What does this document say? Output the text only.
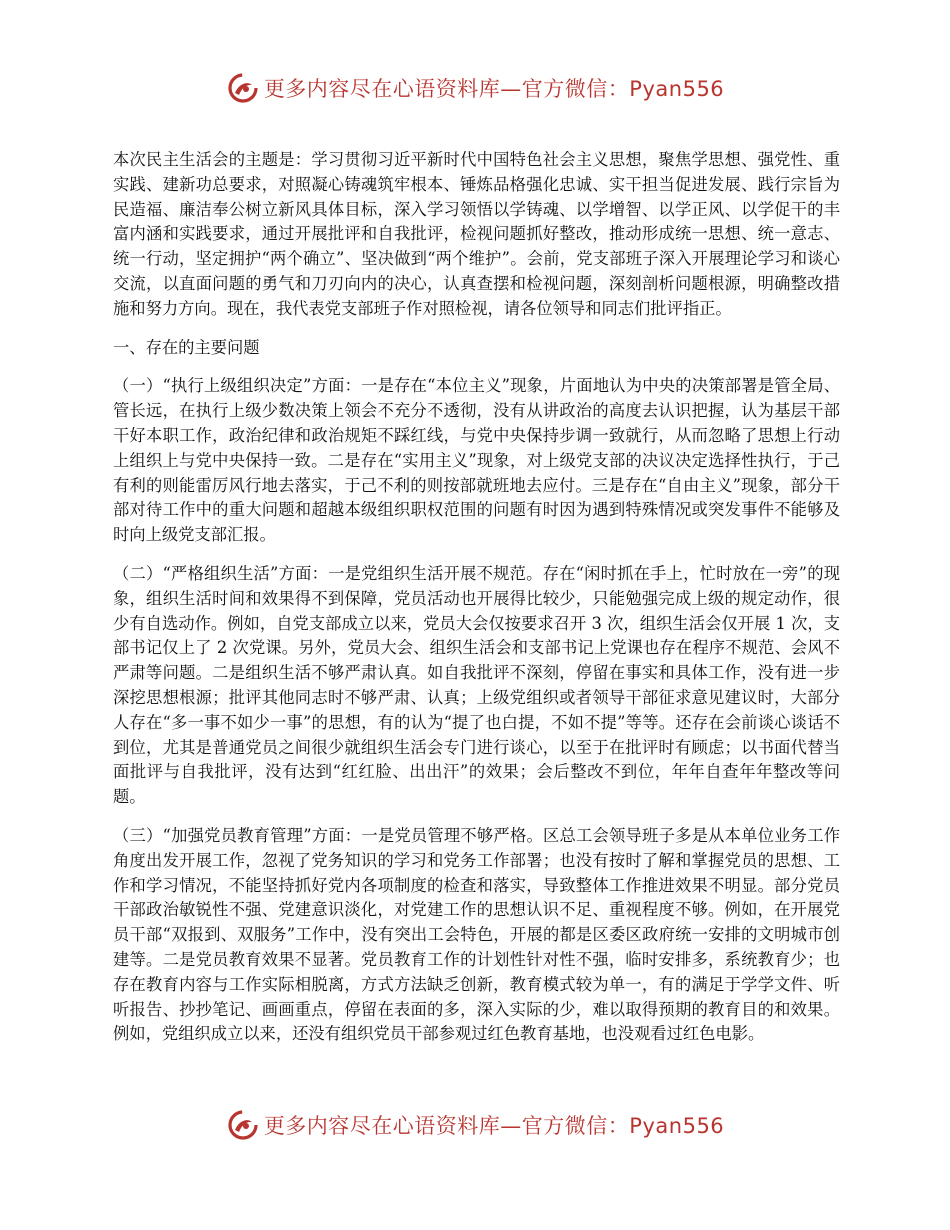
更多内容尽在心语资料库—官方微信：Pyan556

本次民主生活会的主题是：学习贯彻习近平新时代中国特色社会主义思想，聚焦学思想、强党性、重实践、建新功总要求，对照凝心铸魂筑牢根本、锤炼品格强化忠诚、实干担当促进发展、践行宗旨为民造福、廉洁奉公树立新风具体目标，深入学习领悟以学铸魂、以学增智、以学正风、以学促干的丰富内涵和实践要求，通过开展批评和自我批评，检视问题抓好整改，推动形成统一思想、统一意志、统一行动，坚定拥护“两个确立”、坚决做到“两个维护”。会前，党支部班子深入开展理论学习和谈心交流，以直面问题的勇气和刀刃向内的决心，认真查摆和检视问题，深刻剖析问题根源，明确整改措施和努力方向。现在，我代表党支部班子作对照检视，请各位领导和同志们批评指正。

一、存在的主要问题

（一）“执行上级组织决定”方面：一是存在“本位主义”现象，片面地认为中央的决策部署是管全局、管长远，在执行上级少数决策上领会不充分不透彻，没有从讲政治的高度去认识把握，认为基层干部干好本职工作，政治纪律和政治规矩不踩红线，与党中央保持步调一致就行，从而忽略了思想上行动上组织上与党中央保持一致。二是存在“实用主义”现象，对上级党支部的决议决定选择性执行，于己有利的则能雷厉风行地去落实，于己不利的则按部就班地去应付。三是存在“自由主义”现象，部分干部对待工作中的重大问题和超越本级组织职权范围的问题有时因为遇到特殊情况或突发事件不能够及时向上级党支部汇报。

（二）“严格组织生活”方面：一是党组织生活开展不规范。存在“闲时抓在手上，忙时放在一旁”的现象，组织生活时间和效果得不到保障，党员活动也开展得比较少，只能勉强完成上级的规定动作，很少有自选动作。例如，自党支部成立以来，党员大会仅按要求召开 3 次，组织生活会仅开展 1 次，支部书记仅上了 2 次党课。另外，党员大会、组织生活会和支部书记上党课也存在程序不规范、会风不严肃等问题。二是组织生活不够严肃认真。如自我批评不深刻，停留在事实和具体工作，没有进一步深挖思想根源；批评其他同志时不够严肃、认真；上级党组织或者领导干部征求意见建议时，大部分人存在“多一事不如少一事”的思想，有的认为“提了也白提，不如不提”等等。还存在会前谈心谈话不到位，尤其是普通党员之间很少就组织生活会专门进行谈心，以至于在批评时有顾虑；以书面代替当面批评与自我批评，没有达到“红红脸、出出汗”的效果；会后整改不到位，年年自查年年整改等问题。

（三）“加强党员教育管理”方面：一是党员管理不够严格。区总工会领导班子多是从本单位业务工作角度出发开展工作，忽视了党务知识的学习和党务工作部署；也没有按时了解和掌握党员的思想、工作和学习情况，不能坚持抓好党内各项制度的检查和落实，导致整体工作推进效果不明显。部分党员干部政治敏锐性不强、党建意识淡化，对党建工作的思想认识不足、重视程度不够。例如，在开展党员干部“双报到、双服务”工作中，没有突出工会特色，开展的都是区委区政府统一安排的文明城市创建等。二是党员教育效果不显著。党员教育工作的计划性针对性不强，临时安排多，系统教育少；也存在教育内容与工作实际相脱离，方式方法缺乏创新，教育模式较为单一，有的满足于学学文件、听听报告、抄抄笔记、画画重点，停留在表面的多，深入实际的少，难以取得预期的教育目的和效果。例如，党组织成立以来，还没有组织党员干部参观过红色教育基地，也没观看过红色电影。

更多内容尽在心语资料库—官方微信：Pyan556
